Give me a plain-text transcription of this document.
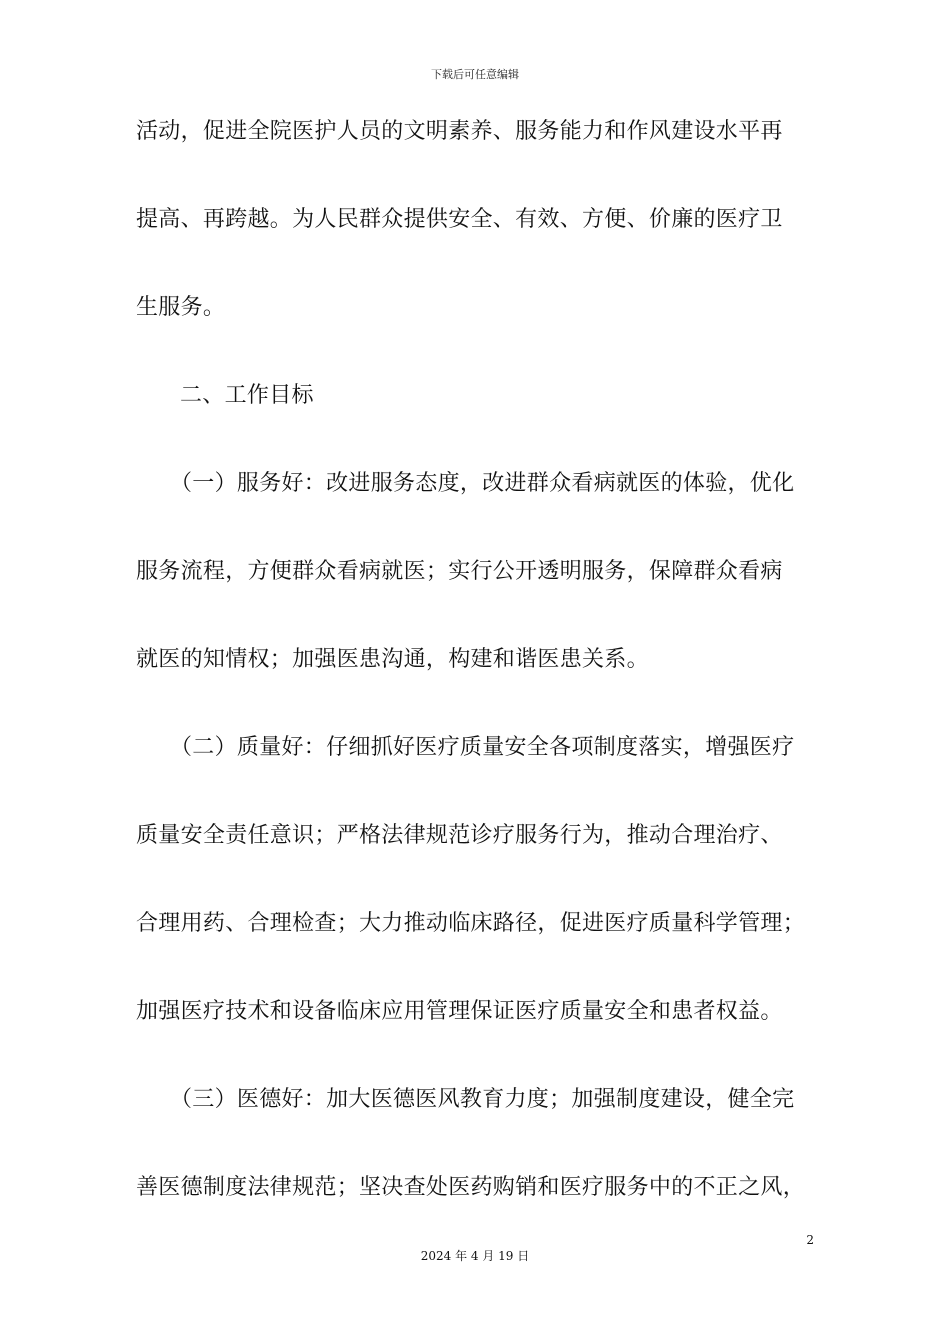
下载后可任意编辑
活动，促进全院医护人员的文明素养、服务能力和作风建设水平再
提高、再跨越。为人民群众提供安全、有效、方便、价廉的医疗卫
生服务。
二、工作目标
（一）服务好：改进服务态度，改进群众看病就医的体验，优化
服务流程，方便群众看病就医；实行公开透明服务，保障群众看病
就医的知情权；加强医患沟通，构建和谐医患关系。
（二）质量好：仔细抓好医疗质量安全各项制度落实，增强医疗
质量安全责任意识；严格法律规范诊疗服务行为，推动合理治疗、
合理用药、合理检查；大力推动临床路径，促进医疗质量科学管理；
加强医疗技术和设备临床应用管理保证医疗质量安全和患者权益。
（三）医德好：加大医德医风教育力度；加强制度建设，健全完
善医德制度法律规范；坚决查处医药购销和医疗服务中的不正之风，
2
2024 年 4 月 19 日
